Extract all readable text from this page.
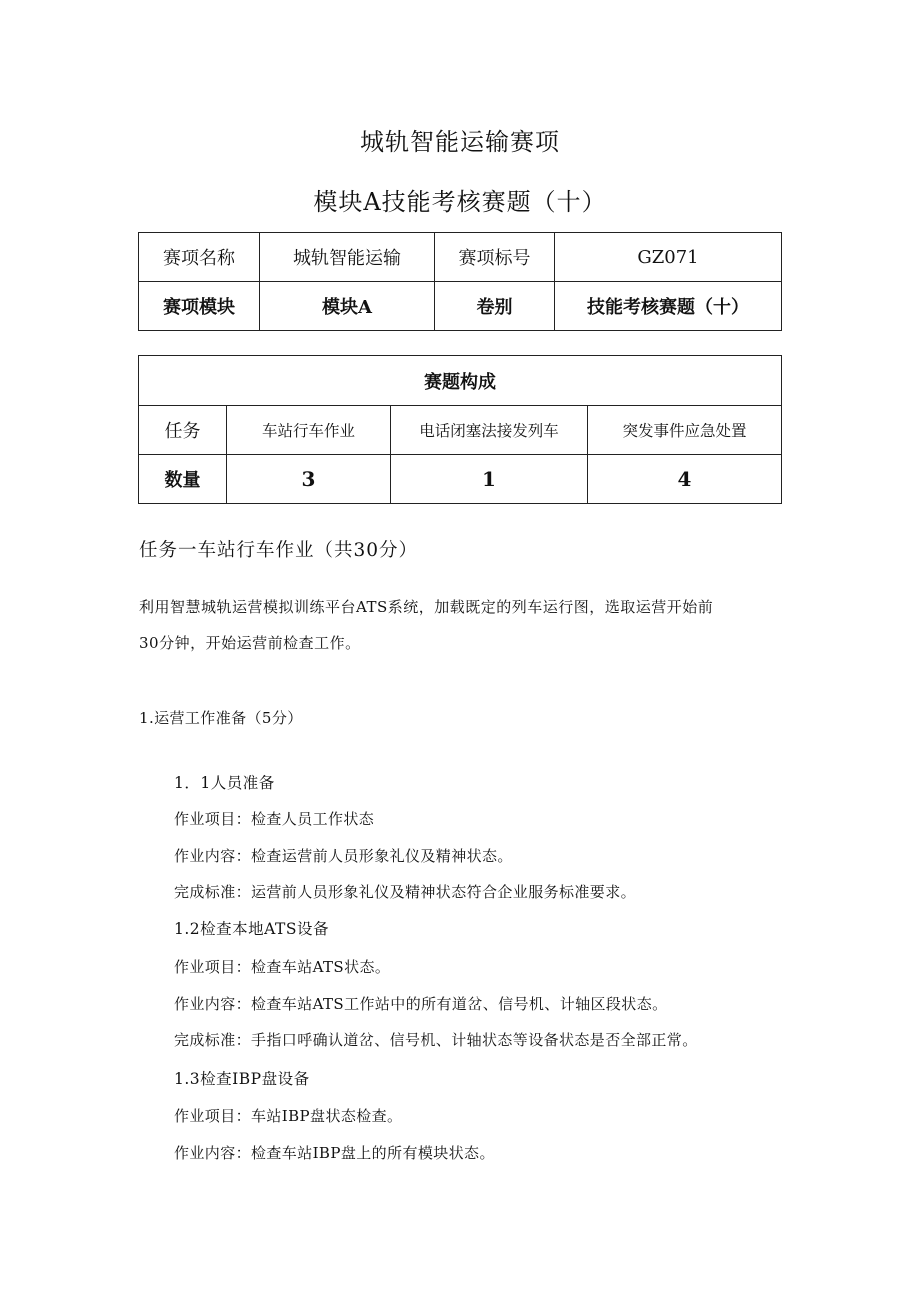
城轨智能运输赛项
模块A技能考核赛题（十）
赛项名称	城轨智能运输	赛项标号	GZ071
赛项模块	模块A	卷别	技能考核赛题（十）
赛题构成			
任务	车站行车作业	电话闭塞法接发列车	突发事件应急处置
数量	3	1	4
任务一车站行车作业（共30分）
利用智慧城轨运营模拟训练平台ATS系统，加载既定的列车运行图，选取运营开始前
30分钟，开始运营前检查工作。
1.运营工作准备（5分）
1．1人员准备
作业项目：检查人员工作状态
作业内容：检查运营前人员形象礼仪及精神状态。
完成标准：运营前人员形象礼仪及精神状态符合企业服务标准要求。
1.2检查本地ATS设备
作业项目：检查车站ATS状态。
作业内容：检查车站ATS工作站中的所有道岔、信号机、计轴区段状态。
完成标准：手指口呼确认道岔、信号机、计轴状态等设备状态是否全部正常。
1.3检查IBP盘设备
作业项目：车站IBP盘状态检查。
作业内容：检查车站IBP盘上的所有模块状态。
